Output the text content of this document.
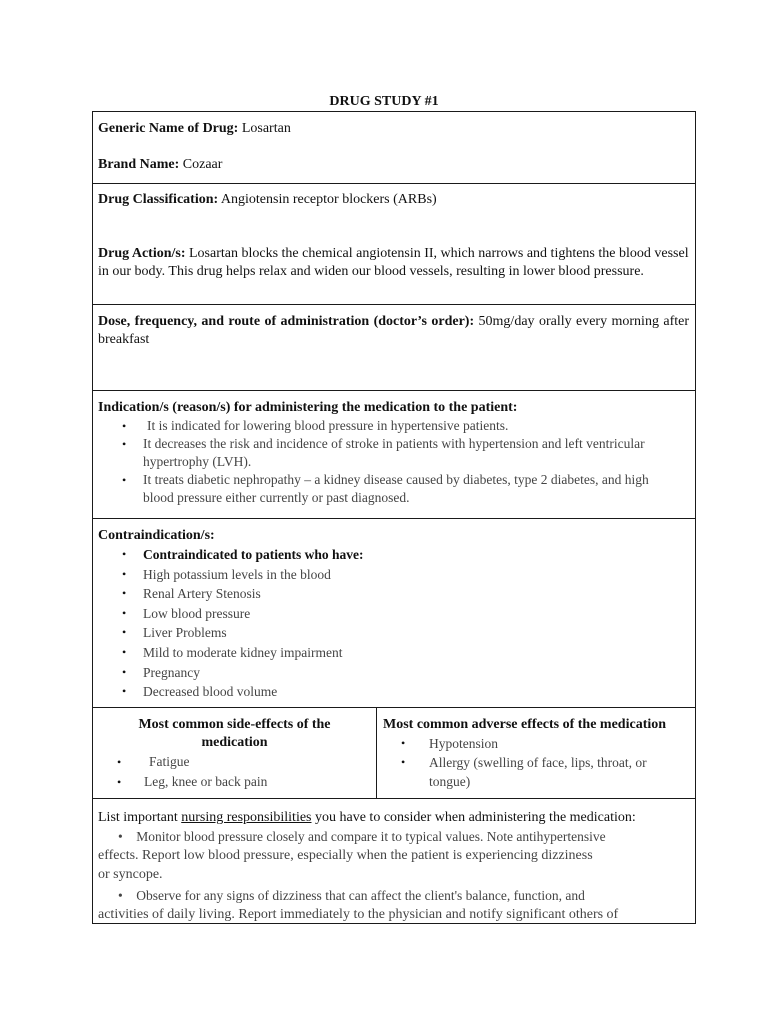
DRUG STUDY #1
Generic Name of Drug: Losartan
Brand Name: Cozaar
Drug Classification: Angiotensin receptor blockers (ARBs)
Drug Action/s: Losartan blocks the chemical angiotensin II, which narrows and tightens the blood vessel in our body. This drug helps relax and widen our blood vessels, resulting in lower blood pressure.
Dose, frequency, and route of administration (doctor’s order): 50mg/day orally every morning after breakfast
Indication/s (reason/s) for administering the medication to the patient:
• It is indicated for lowering blood pressure in hypertensive patients.
• It decreases the risk and incidence of stroke in patients with hypertension and left ventricular hypertrophy (LVH).
• It treats diabetic nephropathy – a kidney disease caused by diabetes, type 2 diabetes, and high blood pressure either currently or past diagnosed.
Contraindication/s:
• Contraindicated to patients who have:
• High potassium levels in the blood
• Renal Artery Stenosis
• Low blood pressure
• Liver Problems
• Mild to moderate kidney impairment
• Pregnancy
• Decreased blood volume
Most common side-effects of the medication
• Fatigue
• Leg, knee or back pain
Most common adverse effects of the medication
• Hypotension
• Allergy (swelling of face, lips, throat, or tongue)
List important nursing responsibilities you have to consider when administering the medication:
•    Monitor blood pressure closely and compare it to typical values. Note antihypertensive
effects. Report low blood pressure, especially when the patient is experiencing dizziness
or syncope.
•    Observe for any signs of dizziness that can affect the client's balance, function, and
activities of daily living. Report immediately to the physician and notify significant others of
